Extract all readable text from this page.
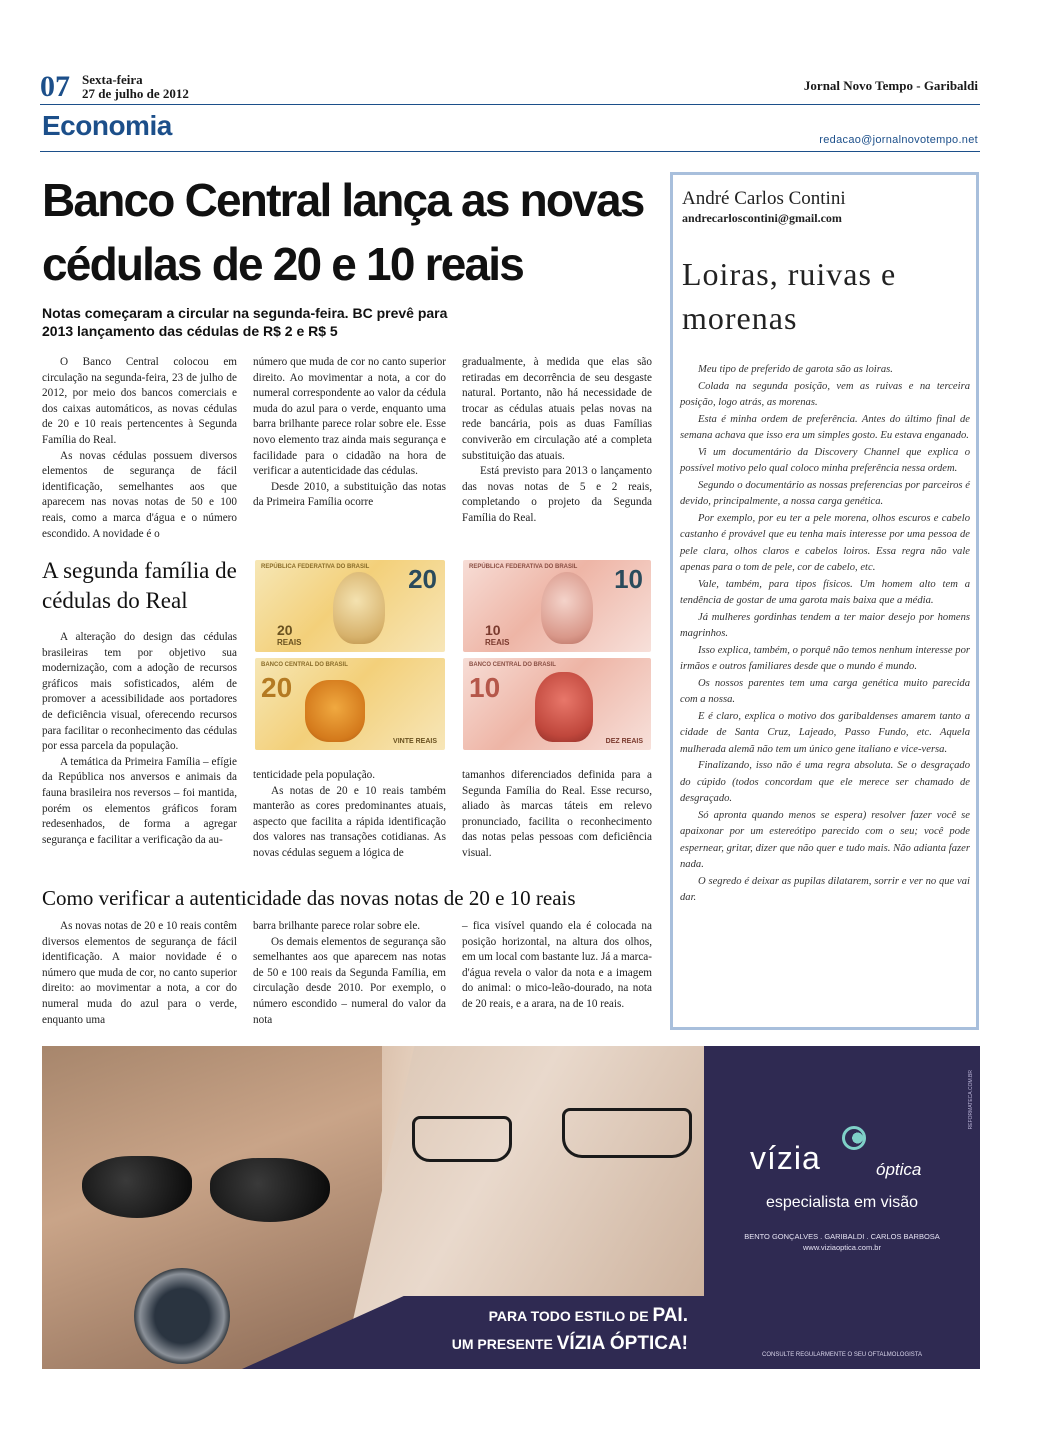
07 Sexta-feira
27 de julho de 2012
Jornal Novo Tempo - Garibaldi
Economia	redacao@jornalnovotempo.net
Banco Central lança as novas
cédulas de 20 e 10 reais
Notas começaram a circular na segunda-feira. BC prevê para 2013 lançamento das cédulas de R$ 2 e R$ 5

O Banco Central colocou em circulação na segunda-feira, 23 de julho de 2012, por meio dos bancos comerciais e dos caixas automáticos, as novas cédulas de 20 e 10 reais pertencentes à Segunda Família do Real.

As novas cédulas possuem diversos elementos de segurança de fácil identificação, semelhantes aos que aparecem nas novas notas de 50 e 100 reais, como a marca d'água e o número escondido. A novidade é o

número que muda de cor no canto superior direito. Ao movimentar a nota, a cor do numeral correspondente ao valor da cédula muda do azul para o verde, enquanto uma barra brilhante parece rolar sobre ele. Esse novo elemento traz ainda mais segurança e facilidade para o cidadão na hora de verificar a autenticidade das cédulas.

Desde 2010, a substituição das notas da Primeira Família ocorre

gradualmente, à medida que elas são retiradas em decorrência de seu desgaste natural. Portanto, não há necessidade de trocar as cédulas atuais pelas novas na rede bancária, pois as duas Famílias conviverão em circulação até a completa substituição das atuais.

Está previsto para 2013 o lançamento das novas notas de 5 e 2 reais, completando o projeto da Segunda Família do Real.

A segunda família de cédulas do Real
REPÚBLICA FEDERATIVA DO BRASIL 20
20
REAIS
BANCO CENTRAL DO BRASIL
20
VINTE REAIS
REPÚBLICA FEDERATIVA DO BRASIL 10
10
REAIS
BANCO CENTRAL DO BRASIL
10
DEZ REAIS

A alteração do design das cédulas brasileiras tem por objetivo sua modernização, com a adoção de recursos gráficos mais sofisticados, além de promover a acessibilidade aos portadores de deficiência visual, oferecendo recursos para facilitar o reconhecimento das cédulas por essa parcela da população.

A temática da Primeira Família – efígie da República nos anversos e animais da fauna brasileira nos reversos – foi mantida, porém os elementos gráficos foram redesenhados, de forma a agregar segurança e facilitar a verificação da au-

tenticidade pela população.

As notas de 20 e 10 reais também manterão as cores predominantes atuais, aspecto que facilita a rápida identificação dos valores nas transações cotidianas. As novas cédulas seguem a lógica de

tamanhos diferenciados definida para a Segunda Família do Real. Esse recurso, aliado às marcas táteis em relevo pronunciado, facilita o reconhecimento das notas pelas pessoas com deficiência visual.

Como verificar a autenticidade das novas notas de 20 e 10 reais

As novas notas de 20 e 10 reais contêm diversos elementos de segurança de fácil identificação. A maior novidade é o número que muda de cor, no canto superior direito: ao movimentar a nota, a cor do numeral muda do azul para o verde, enquanto uma

barra brilhante parece rolar sobre ele.

Os demais elementos de segurança são semelhantes aos que aparecem nas notas de 50 e 100 reais da Segunda Família, em circulação desde 2010. Por exemplo, o número escondido – numeral do valor da nota

– fica visível quando ela é colocada na posição horizontal, na altura dos olhos, em um local com bastante luz. Já a marca-d'água revela o valor da nota e a imagem do animal: o mico-leão-dourado, na nota de 20 reais, e a arara, na de 10 reais.

André Carlos Contini
andrecarloscontini@gmail.com
Loiras, ruivas e morenas

Meu tipo de preferido de garota são as loiras.

Colada na segunda posição, vem as ruivas e na terceira posição, logo atrás, as morenas.

Esta é minha ordem de preferência. Antes do último final de semana achava que isso era um simples gosto. Eu estava enganado.

Vi um documentário da Discovery Channel que explica o possível motivo pelo qual coloco minha preferência nessa ordem.

Segundo o documentário as nossas preferencias por parceiros é devido, principalmente, a nossa carga genética.

Por exemplo, por eu ter a pele morena, olhos escuros e cabelo castanho é provável que eu tenha mais interesse por uma pessoa de pele clara, olhos claros e cabelos loiros. Essa regra não vale apenas para o tom de pele, cor de cabelo, etc.

Vale, também, para tipos físicos. Um homem alto tem a tendência de gostar de uma garota mais baixa que a média.

Já mulheres gordinhas tendem a ter maior desejo por homens magrinhos.

Isso explica, também, o porquê não temos nenhum interesse por irmãos e outros familiares desde que o mundo é mundo.

Os nossos parentes tem uma carga genética muito parecida com a nossa.

E é claro, explica o motivo dos garibaldenses amarem tanto a cidade de Santa Cruz, Lajeado, Passo Fundo, etc. Aquela mulherada alemã não tem um único gene italiano e vice-versa.

Finalizando, isso não é uma regra absoluta. Se o desgraçado do cúpido (todos concordam que ele merece ser chamado de desgraçado.

Só apronta quando menos se espera) resolver fazer você se apaixonar por um estereótipo parecido com o seu; você pode espernear, gritar, dizer que não quer e tudo mais. Não adianta fazer nada.

O segredo é deixar as pupilas dilatarem, sorrir e ver no que vai dar.

PARA TODO ESTILO DE PAI.
UM PRESENTE VÍZIA ÓPTICA!
REFORMATECA.COM.BR
vízia	óptica
especialista em visão
BENTO GONÇALVES . GARIBALDI . CARLOS BARBOSA
www.viziaoptica.com.br
CONSULTE REGULARMENTE O SEU OFTALMOLOGISTA
